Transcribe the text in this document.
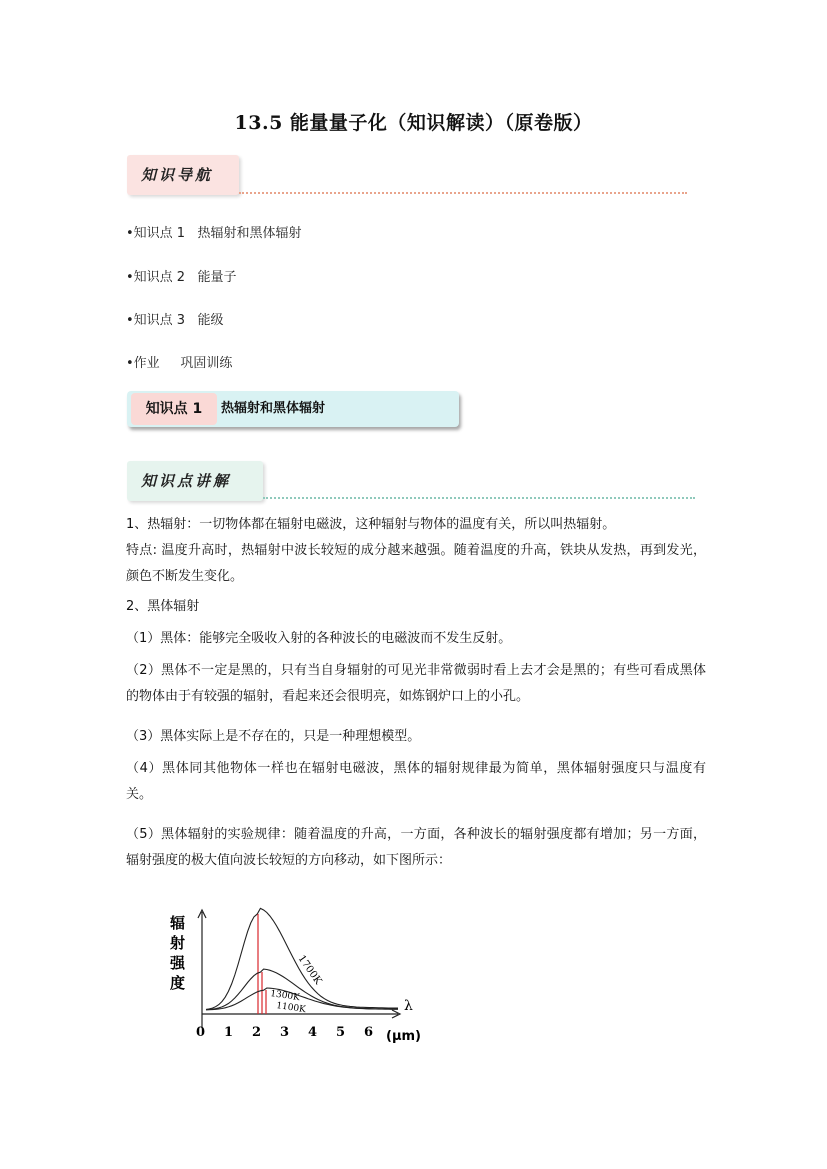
13.5 能量量子化（知识解读）（原卷版）
知识导航
•知识点 1   热辐射和黑体辐射
•知识点 2   能量子
•知识点 3   能级
•作业     巩固训练
知识点 1	热辐射和黑体辐射
知识点讲解
1、热辐射：一切物体都在辐射电磁波，这种辐射与物体的温度有关，所以叫热辐射。
特点: 温度升高时，热辐射中波长较短的成分越来越强。随着温度的升高，铁块从发热，再到发光，颜色不断发生变化。
2、黑体辐射
（1）黑体：能够完全吸收入射的各种波长的电磁波而不发生反射。
（2）黑体不一定是黑的，只有当自身辐射的可见光非常微弱时看上去才会是黑的；有些可看成黑体的物体由于有较强的辐射，看起来还会很明亮，如炼钢炉口上的小孔。
（3）黑体实际上是不存在的，只是一种理想模型。
（4）黑体同其他物体一样也在辐射电磁波，黑体的辐射规律最为简单，黑体辐射强度只与温度有关。
（5）黑体辐射的实验规律：随着温度的升高，一方面，各种波长的辐射强度都有增加；另一方面，辐射强度的极大值向波长较短的方向移动，如下图所示：
辐
射
强
度
λ
0 1 2 3 4 5 6
1700K
1300K
1100K
(μm)
